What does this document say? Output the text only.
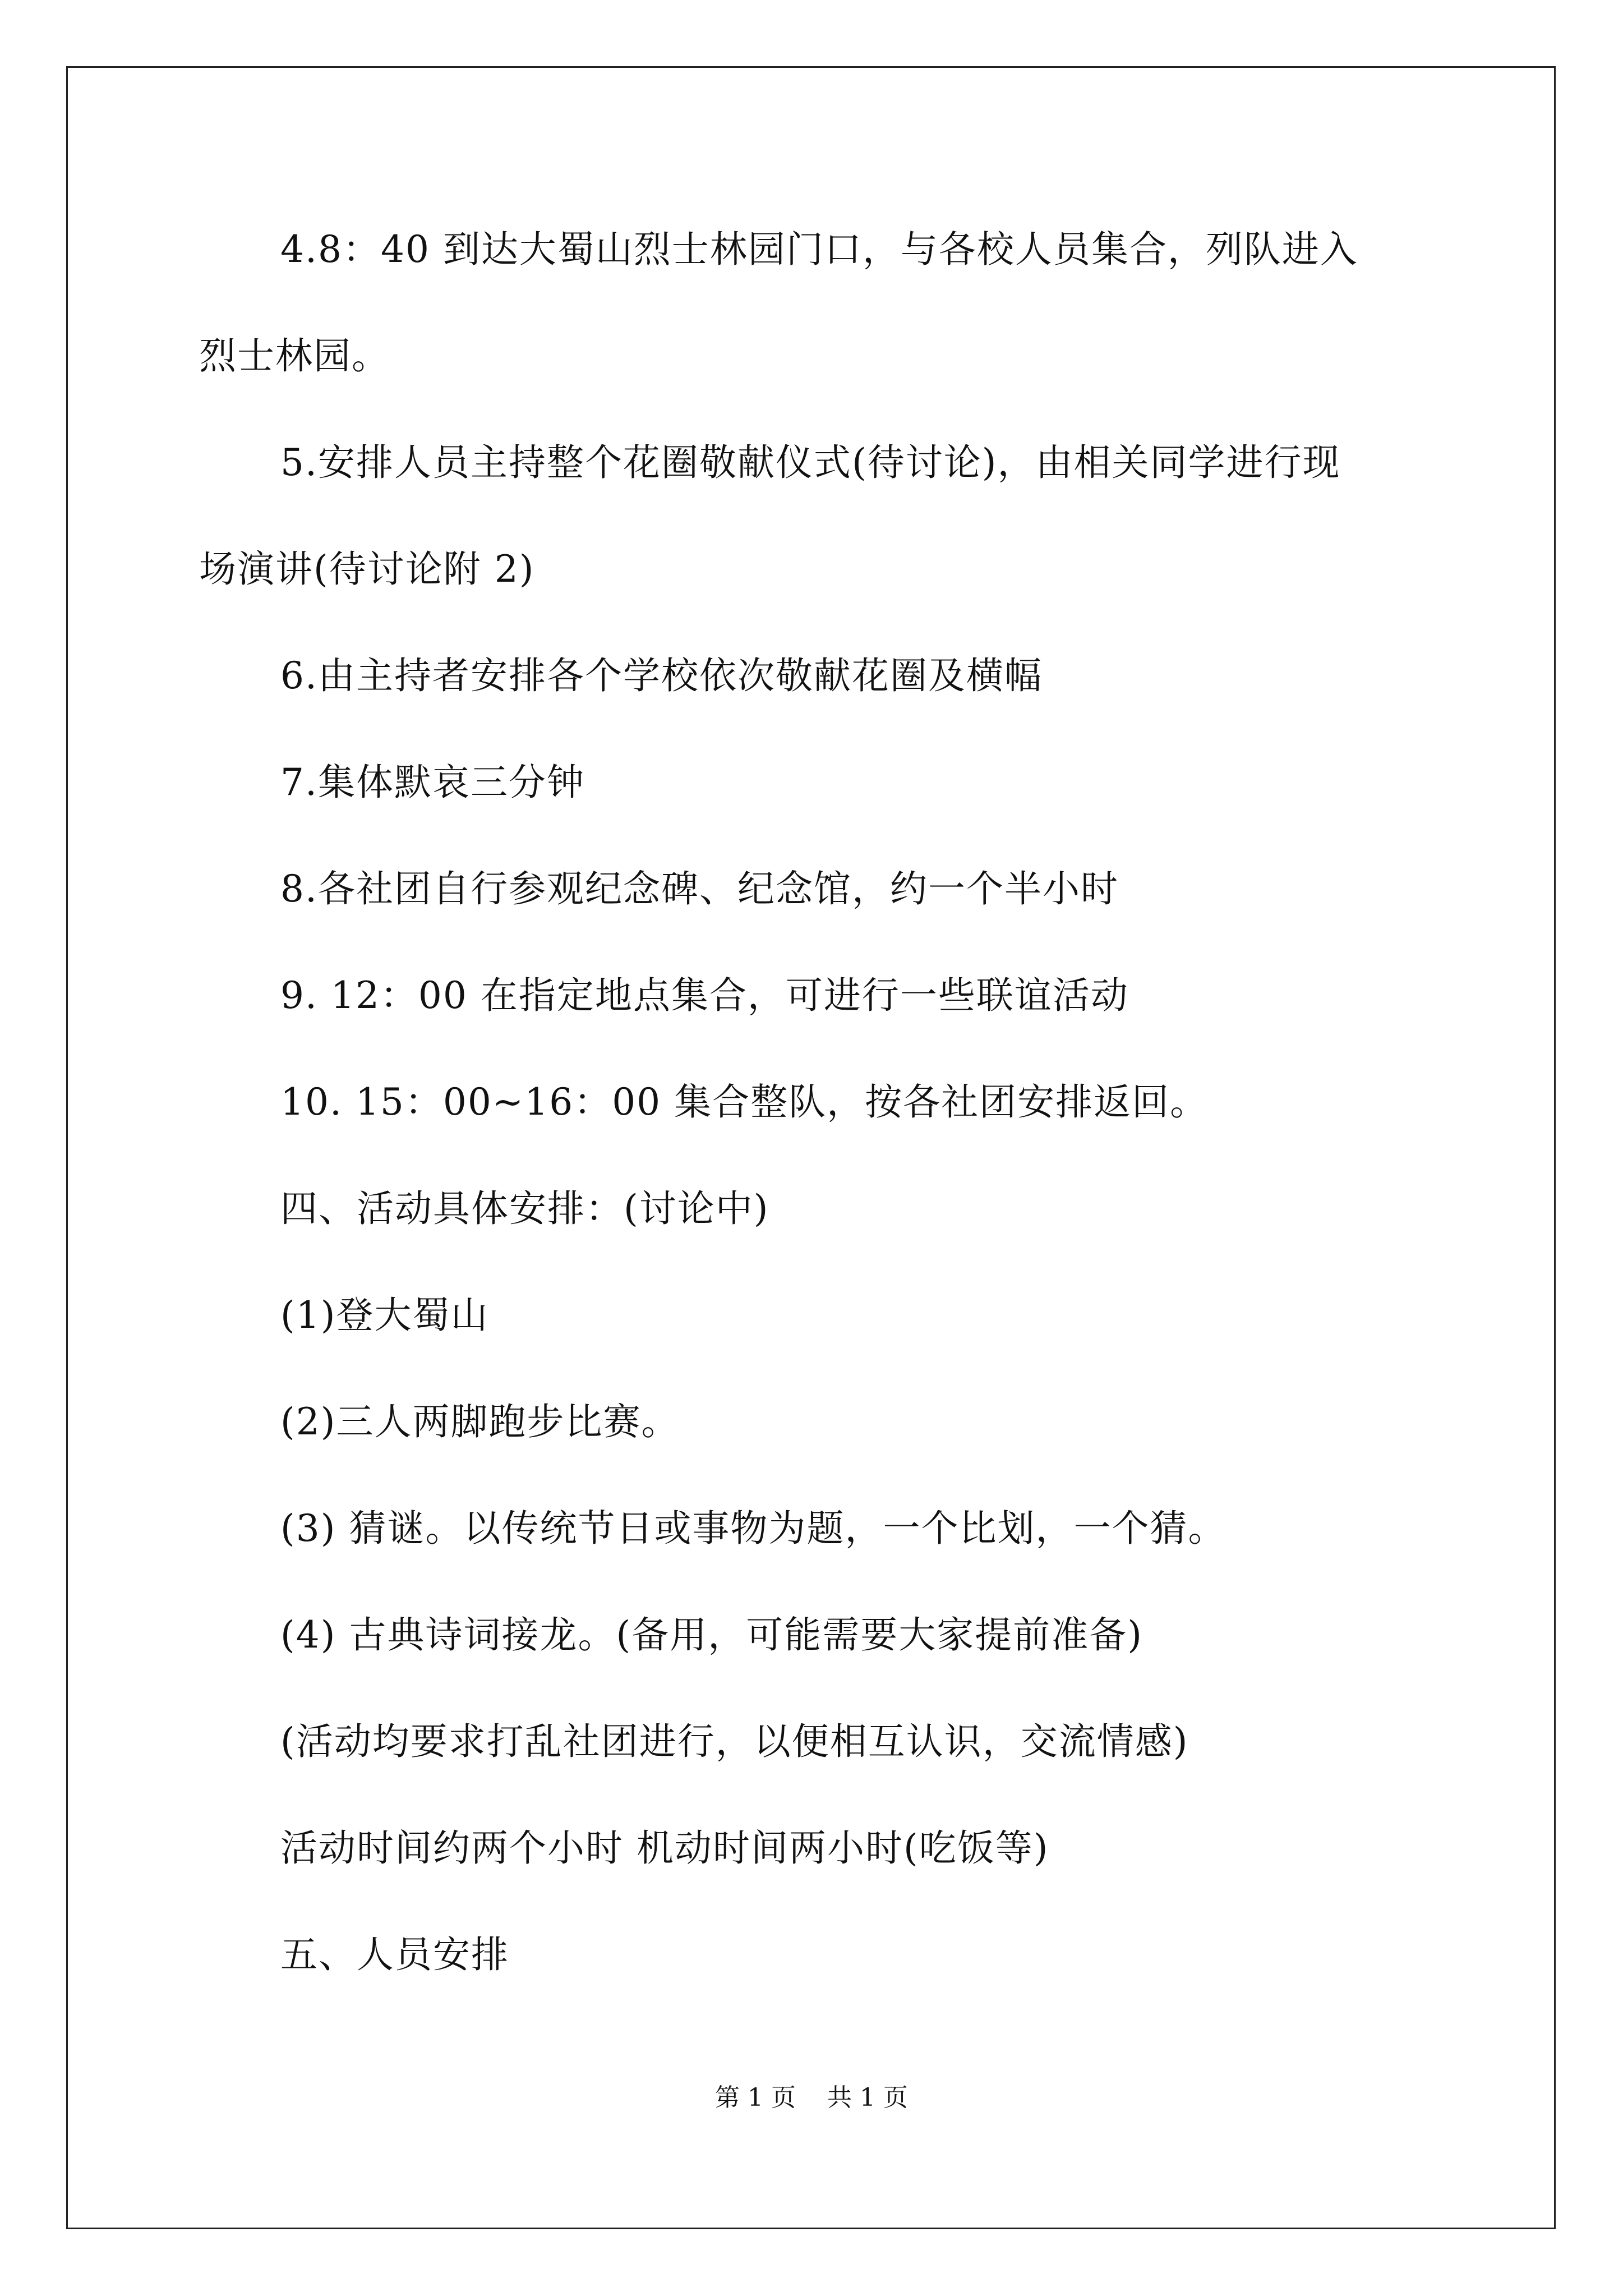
4.8：40 到达大蜀山烈士林园门口，与各校人员集合，列队进入
烈士林园。
5.安排人员主持整个花圈敬献仪式(待讨论)，由相关同学进行现
场演讲(待讨论附 2)
6.由主持者安排各个学校依次敬献花圈及横幅
7.集体默哀三分钟
8.各社团自行参观纪念碑、纪念馆，约一个半小时
9. 12：00 在指定地点集合，可进行一些联谊活动
10. 15：00~16：00 集合整队，按各社团安排返回。
四、活动具体安排：(讨论中)
(1)登大蜀山
(2)三人两脚跑步比赛。
(3) 猜谜。以传统节日或事物为题，一个比划，一个猜。
(4) 古典诗词接龙。(备用，可能需要大家提前准备)
(活动均要求打乱社团进行，以便相互认识，交流情感)
活动时间约两个小时 机动时间两小时(吃饭等)
五、人员安排
第 1 页    共 1 页
